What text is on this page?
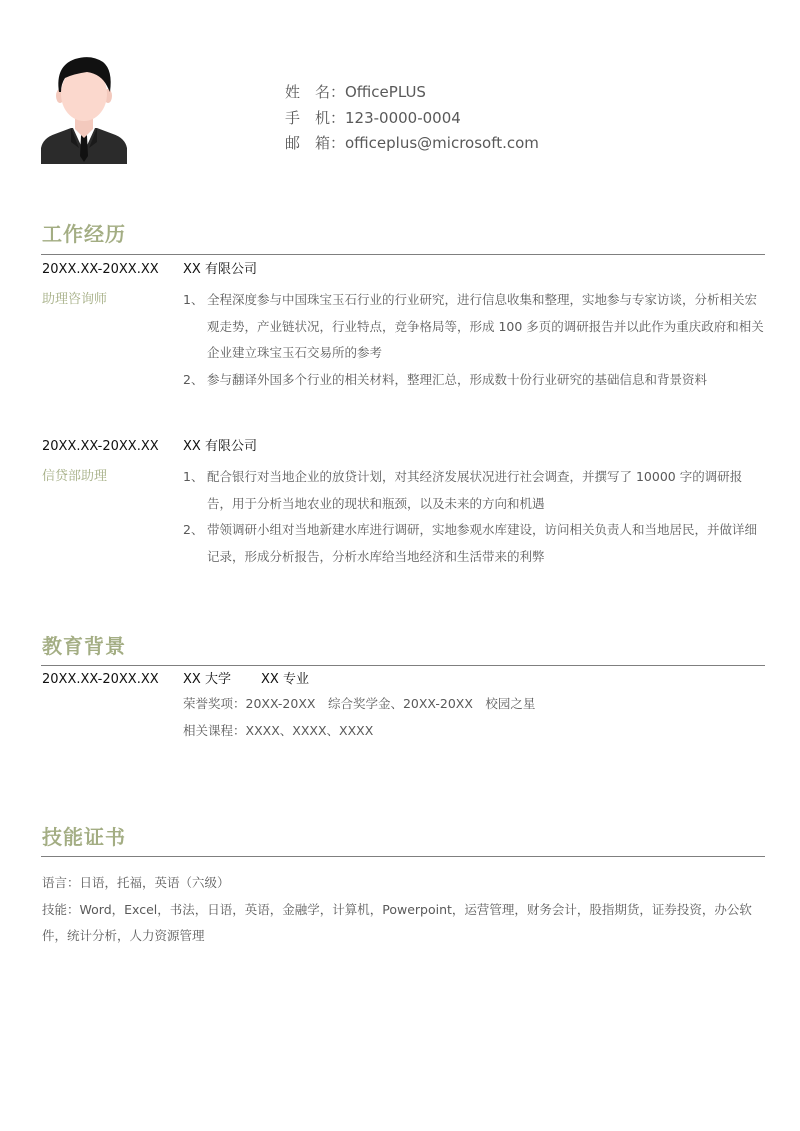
姓　名： OfficePLUS
手　机： 123-0000-0004
邮　箱： officeplus@microsoft.com
工作经历
20XX.XX-20XX.XX	XX 有限公司
助理咨询师	1、 全程深度参与中国珠宝玉石行业的行业研究，进行信息收集和整理，实地参与专家访谈，分析相关宏观走势，产业链状况，行业特点，竞争格局等，形成 100 多页的调研报告并以此作为重庆政府和相关企业建立珠宝玉石交易所的参考
2、 参与翻译外国多个行业的相关材料，整理汇总，形成数十份行业研究的基础信息和背景资料
20XX.XX-20XX.XX	XX 有限公司
信贷部助理	1、 配合银行对当地企业的放贷计划，对其经济发展状况进行社会调查，并撰写了 10000 字的调研报告，用于分析当地农业的现状和瓶颈，以及未来的方向和机遇
2、 带领调研小组对当地新建水库进行调研，实地参观水库建设，访问相关负责人和当地居民，并做详细记录，形成分析报告，分析水库给当地经济和生活带来的利弊
教育背景
20XX.XX-20XX.XX	XX 大学	XX 专业
荣誉奖项：20XX-20XX　综合奖学金、20XX-20XX　校园之星
相关课程：XXXX、XXXX、XXXX
技能证书
语言：日语，托福，英语（六级）
技能：Word，Excel，书法，日语，英语，金融学，计算机，Powerpoint，运营管理，财务会计，股指期货，证券投资，办公软件，统计分析，人力资源管理
